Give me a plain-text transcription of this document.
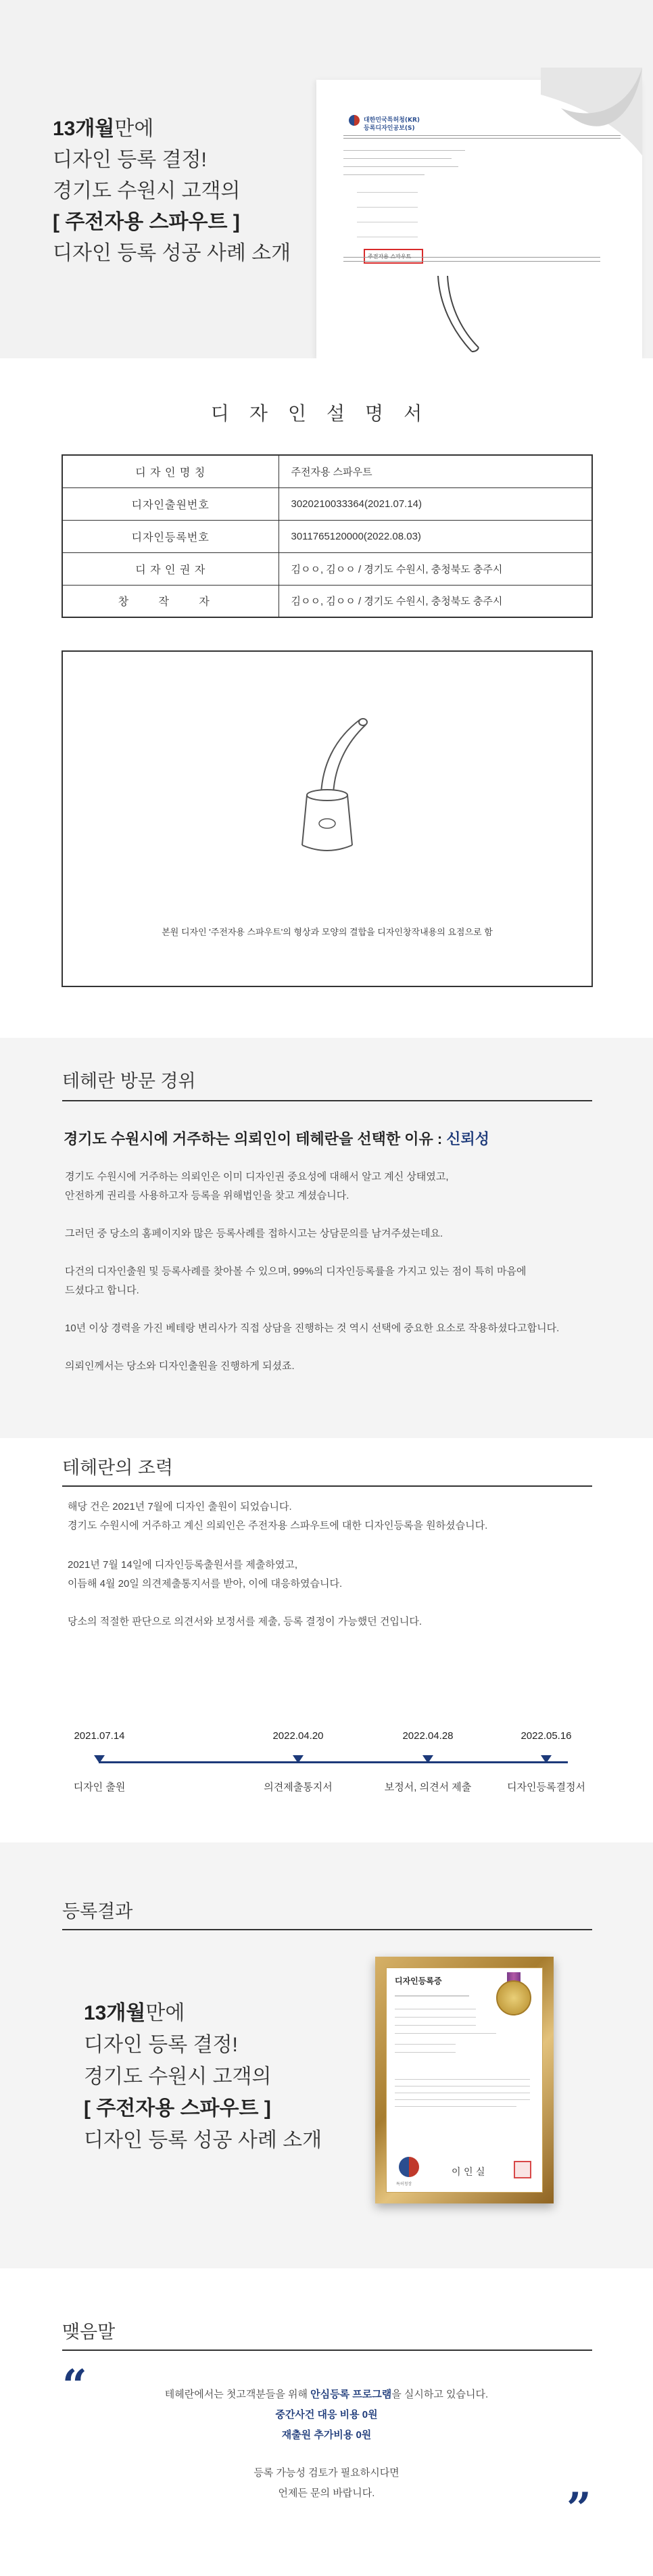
13개월만에
디자인 등록 결정!
경기도 수원시 고객의
[ 주전자용 스파우트 ]
디자인 등록 성공 사례 소개
대한민국특허청(KR)
등록디자인공보(S)
디자인설명서
디 자 인 명 칭	주전자용 스파우트
디자인출원번호	3020210033364(2021.07.14)
디자인등록번호	3011765120000(2022.08.03)
디 자 인 권 자	김ㅇㅇ, 김ㅇㅇ / 경기도 수원시, 충청북도 충주시
창 작 자	김ㅇㅇ, 김ㅇㅇ / 경기도 수원시, 충청북도 충주시
본원 디자인 '주전자용 스파우트'의 형상과 모양의 결합을 디자인창작내용의 요점으로 함
테헤란 방문 경위
경기도 수원시에 거주하는 의뢰인이 테헤란을 선택한 이유 : 신뢰성
경기도 수원시에 거주하는 의뢰인은 이미 디자인권 중요성에 대해서 알고 계신 상태였고,
안전하게 권리를 사용하고자 등록을 위해법인을 찾고 계셨습니다.
그러던 중 당소의 홈페이지와 많은 등록사례를 접하시고는 상담문의를 남겨주셨는데요.
다건의 디자인출원 및 등록사례를 찾아볼 수 있으며, 99%의 디자인등록률을 가지고 있는 점이 특히 마음에
드셨다고 합니다.
10년 이상 경력을 가진 베테랑 변리사가 직접 상담을 진행하는 것 역시 선택에 중요한 요소로 작용하셨다고합니다.
의뢰인께서는 당소와 디자인출원을 진행하게 되셨죠.
테헤란의 조력
해당 건은 2021년 7월에 디자인 출원이 되었습니다.
경기도 수원시에 거주하고 계신 의뢰인은 주전자용 스파우트에 대한 디자인등록을 원하셨습니다.
2021년 7월 14일에 디자인등록출원서를 제출하였고,
이듬해 4월 20일 의견제출통지서를 받아, 이에 대응하였습니다.
당소의 적절한 판단으로 의견서와 보정서를 제출, 등록 결정이 가능했던 건입니다.
2021.07.14	2022.04.20	2022.04.28	2022.05.16
디자인 출원	의견제출통지서	보정서, 의견서 제출	디자인등록결정서
등록결과
13개월만에
디자인 등록 결정!
경기도 수원시 고객의
[ 주전자용 스파우트 ]
디자인 등록 성공 사례 소개
디자인등록증
특허청장
이 인 실
맺음말
“	테헤란에서는 첫고객분들을 위해 안심등록 프로그램을 실시하고 있습니다.
중간사건 대응 비용 0원
재출원 추가비용 0원
등록 가능성 검토가 필요하시다면
언제든 문의 바랍니다.	”
